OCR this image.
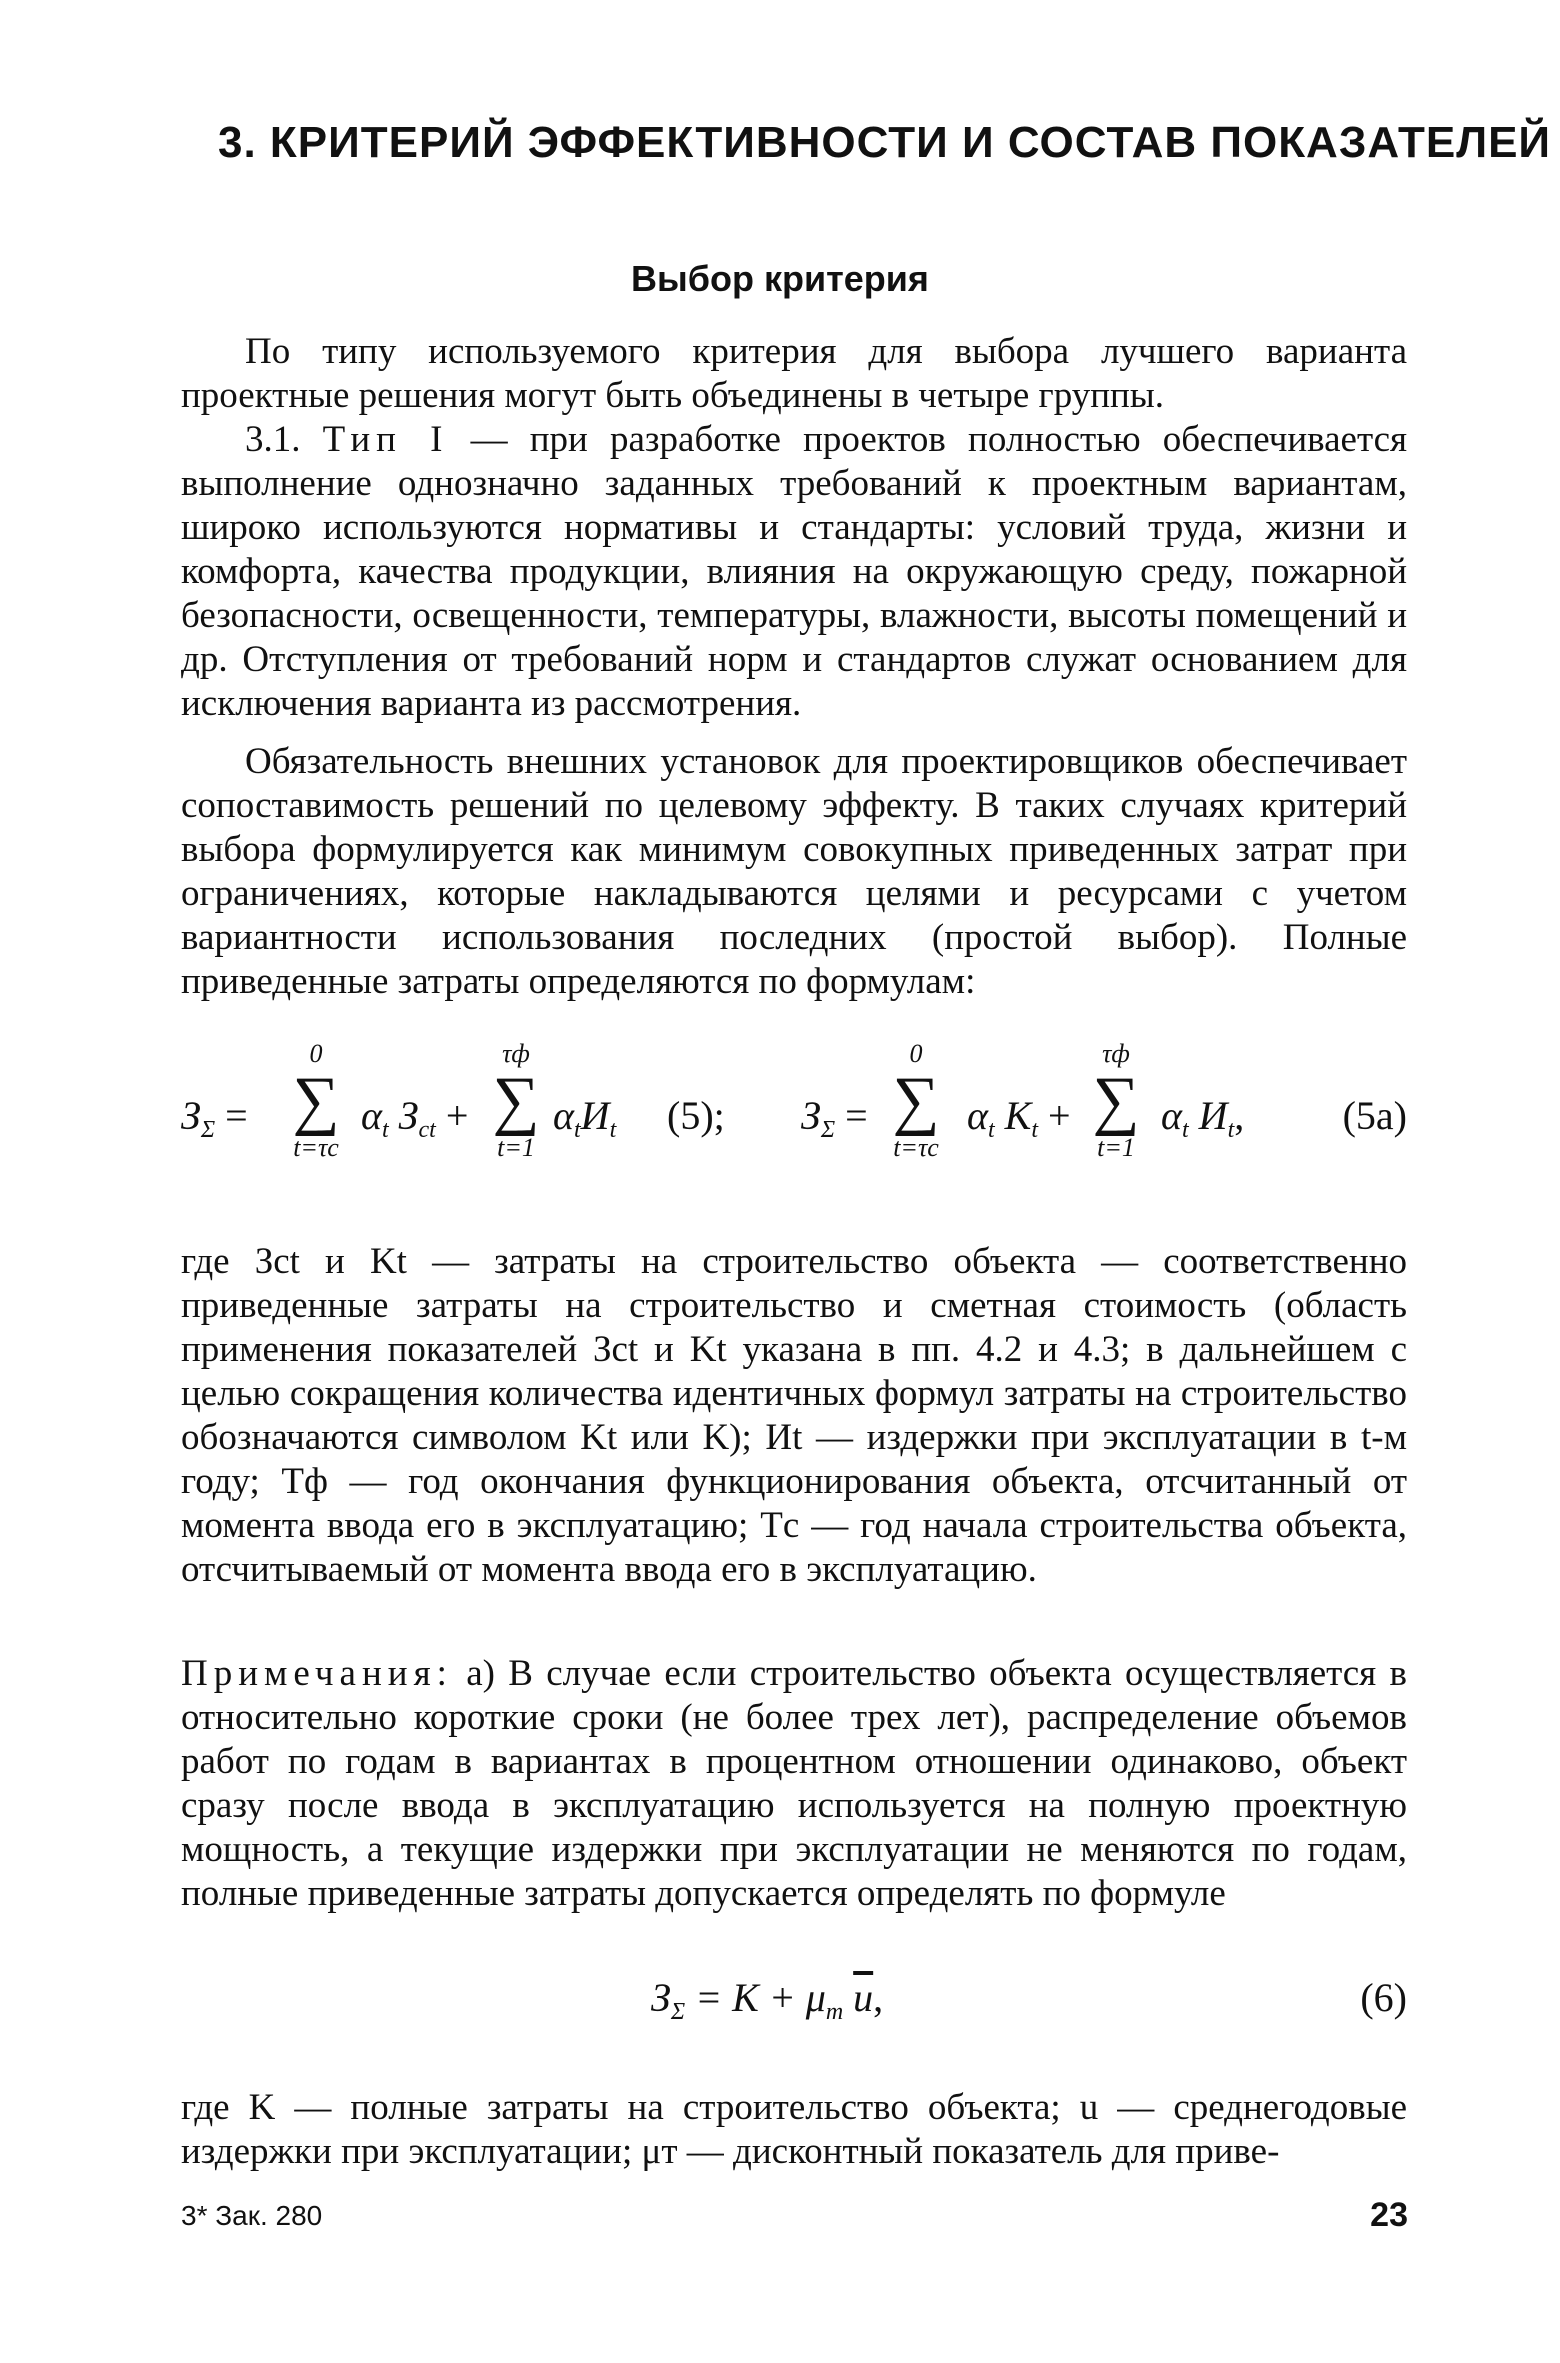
3. КРИТЕРИЙ ЭФФЕКТИВНОСТИ И СОСТАВ ПОКАЗАТЕЛЕЙ
Выбор критерия

По типу используемого критерия для выбора лучшего варианта проектные решения могут быть объединены в четыре группы.

3.1. Тип I — при разработке проектов полностью обеспечивается выполнение однозначно заданных требований к проектным вариантам, широко используются нормативы и стандарты: условий труда, жизни и комфорта, качества продукции, влияния на окружающую среду, пожарной безопасности, освещенности, температуры, влажности, высоты помещений и др. Отступления от требований норм и стандартов служат основанием для исключения варианта из рассмотрения.

Обязательность внешних установок для проектировщиков обеспечивает сопоставимость решений по целевому эффекту. В таких случаях критерий выбора формулируется как минимум совокупных приведенных затрат при ограничениях, которые накладываются целями и ресурсами с учетом вариантности использования последних (простой выбор). Полные приведенные затраты определяются по формулам:

$З_\Sigma$ =
0
∑
t=τс
$\alpha_t$ $З_{ct}$ +
τф
∑
t=1
$\alpha_tИ_t$ (5); $З_\Sigma$ =
0
∑
t=τс
$\alpha_t$ $K_t$ +
τф
∑
t=1
$\alpha_t$ $И_t$, (5а)

где Зct и Kt — затраты на строительство объекта — соответственно приведенные затраты на строительство и сметная стоимость (область применения показателей Зct и Kt указана в пп. 4.2 и 4.3; в дальнейшем с целью сокращения количества идентичных формул затраты на строительство обозначаются символом Kt или K); Иt — издержки при эксплуатации в t-м году; Tф — год окончания функционирования объекта, отсчитанный от момента ввода его в эксплуатацию; Tс — год начала строительства объекта, отсчитываемый от момента ввода его в эксплуатацию.

Примечания: а) В случае если строительство объекта осуществляется в относительно короткие сроки (не более трех лет), распределение объемов работ по годам в вариантах в процентном отношении одинаково, объект сразу после ввода в эксплуатацию используется на полную проектную мощность, а текущие издержки при эксплуатации не меняются по годам, полные приведенные затраты допускается определять по формуле

$З_\Sigma = K + \mu_т$ $\overline{u}$,	(6)

где K — полные затраты на строительство объекта; u — среднегодовые издержки при эксплуатации; μт — дисконтный показатель для приве-

3* Зак. 280	23
